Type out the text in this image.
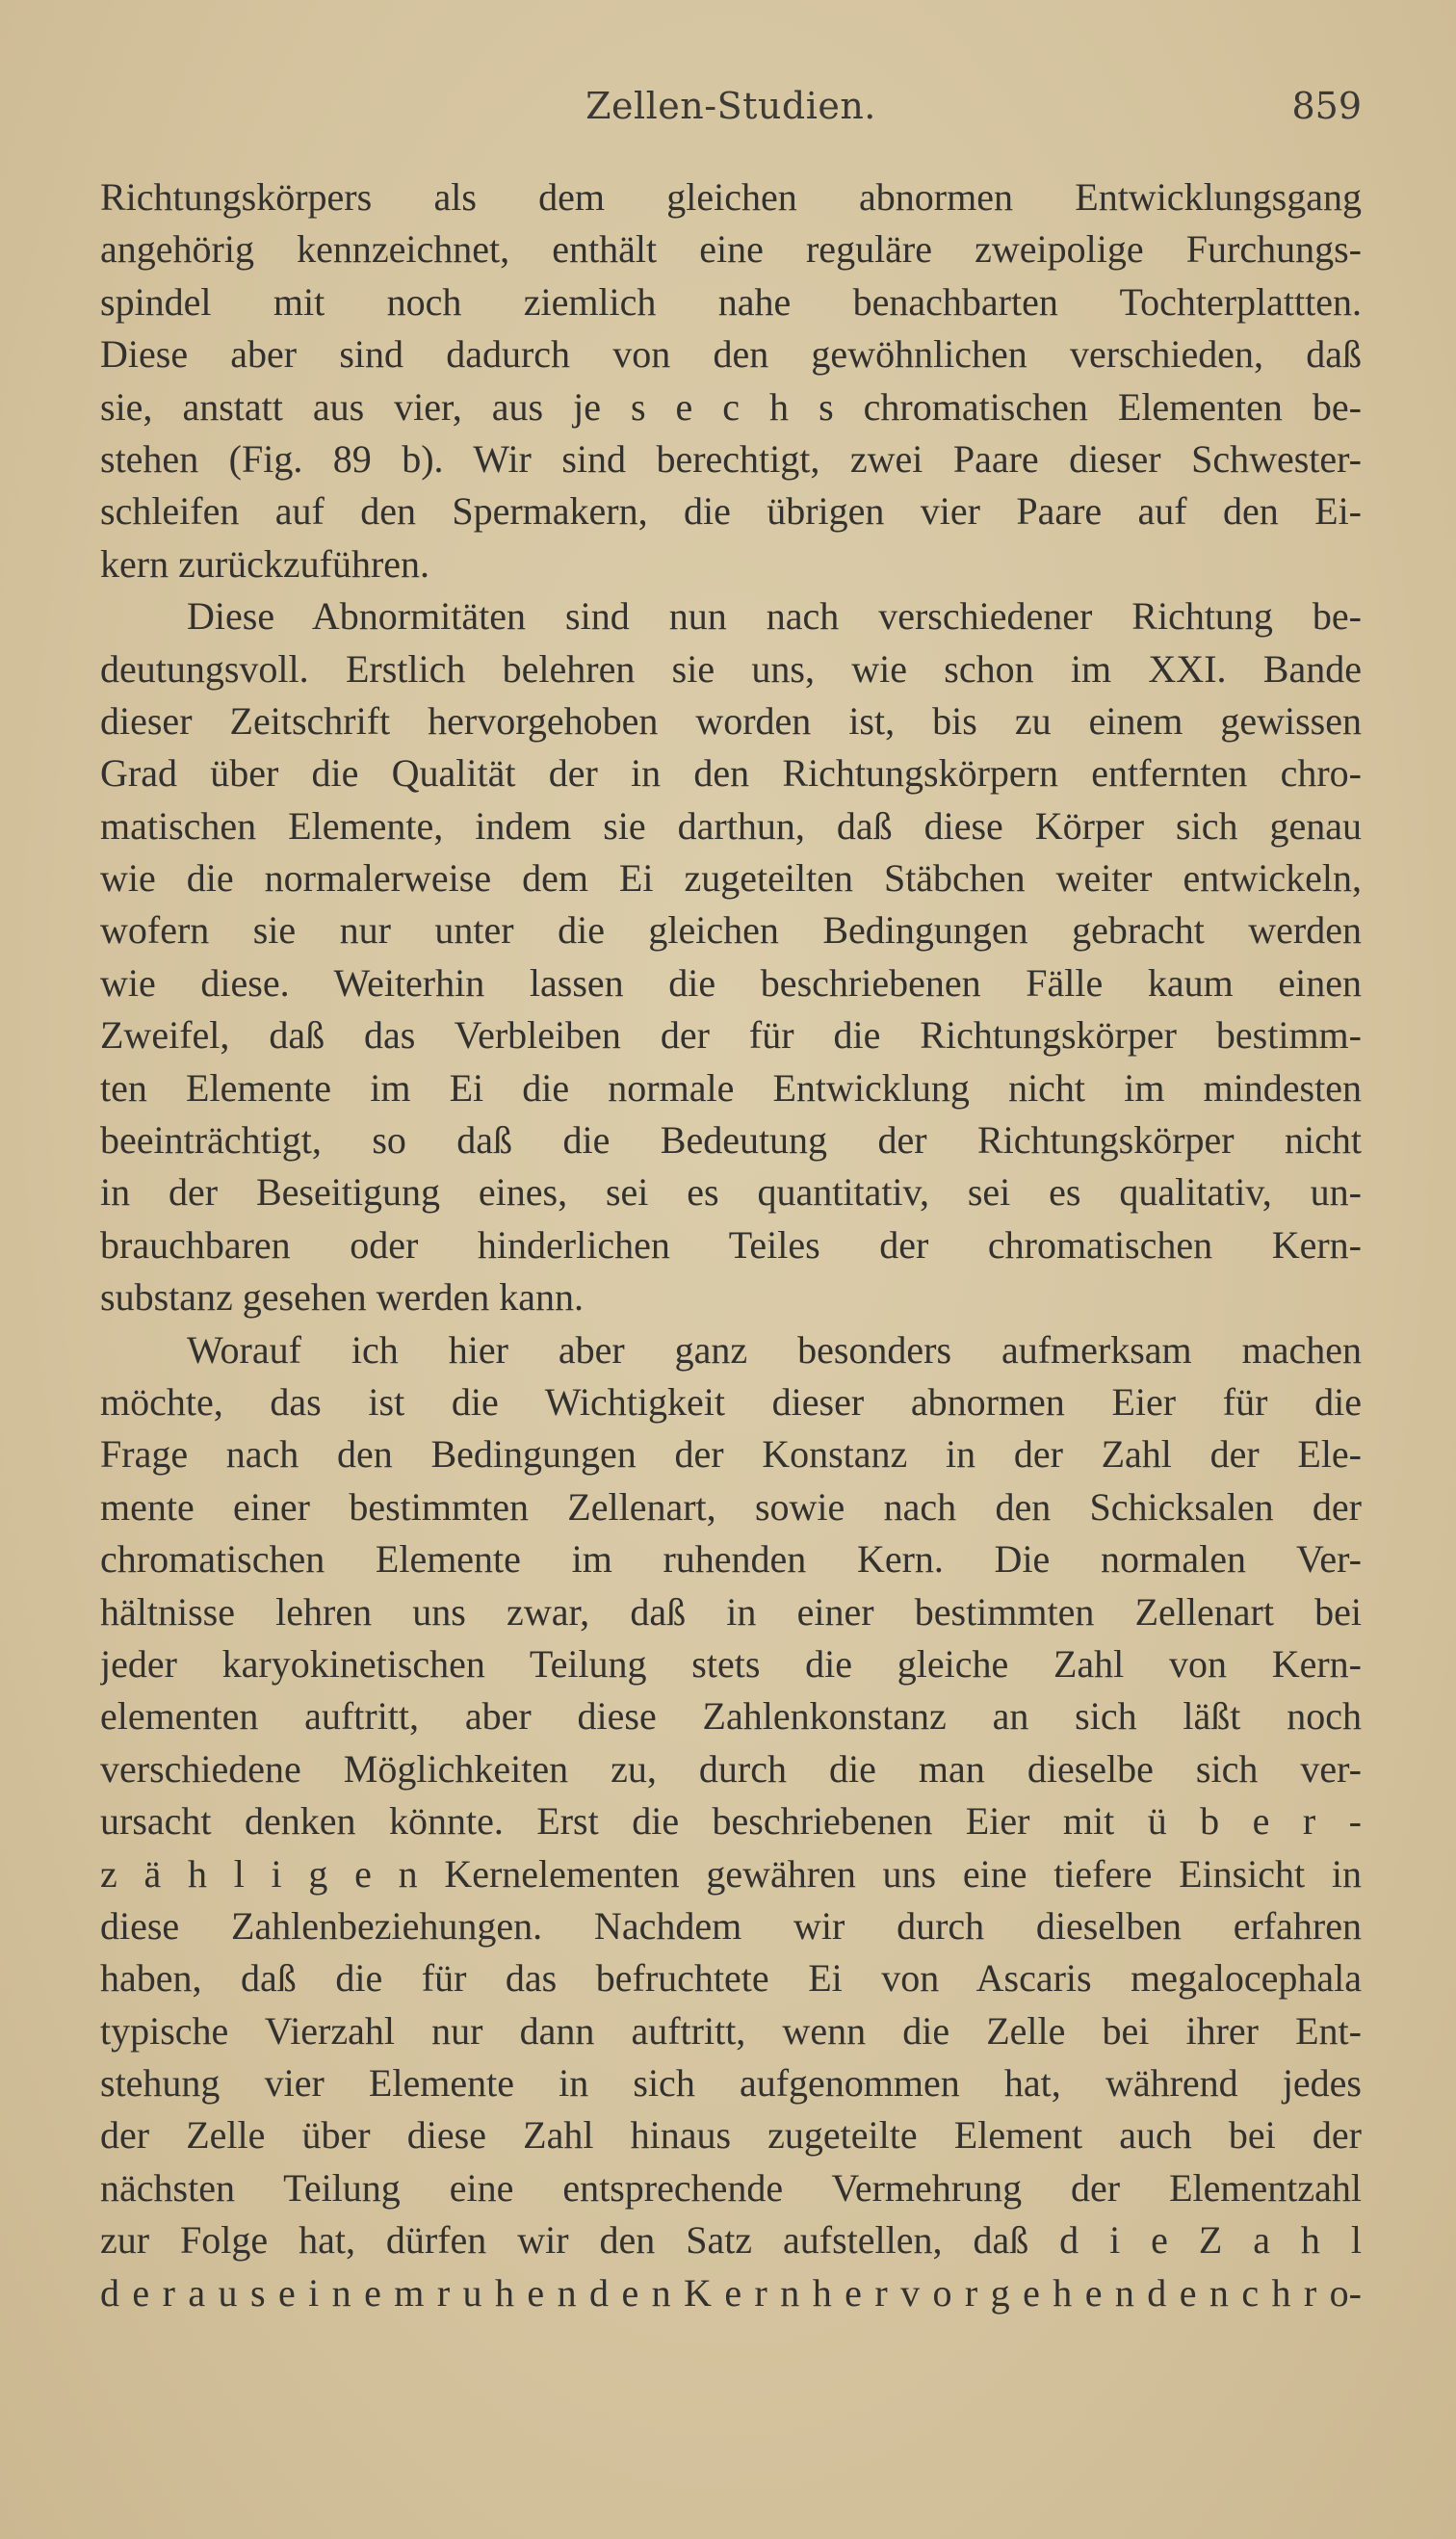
Zellen-Studien.	859
Richtungskörpers als dem gleichen abnormen Entwicklungsgang
angehörig kennzeichnet, enthält eine reguläre zweipolige Furchungs-
spindel mit noch ziemlich nahe benachbarten Tochterplattten.
Diese aber sind dadurch von den gewöhnlichen verschieden, daß
sie, anstatt aus vier, aus je s e c h s chromatischen Elementen be-
stehen (Fig. 89 b). Wir sind berechtigt, zwei Paare dieser Schwester-
schleifen auf den Spermakern, die übrigen vier Paare auf den Ei-
kern zurückzuführen.
Diese Abnormitäten sind nun nach verschiedener Richtung be-
deutungsvoll. Erstlich belehren sie uns, wie schon im XXI. Bande
dieser Zeitschrift hervorgehoben worden ist, bis zu einem gewissen
Grad über die Qualität der in den Richtungskörpern entfernten chro-
matischen Elemente, indem sie darthun, daß diese Körper sich genau
wie die normalerweise dem Ei zugeteilten Stäbchen weiter entwickeln,
wofern sie nur unter die gleichen Bedingungen gebracht werden
wie diese. Weiterhin lassen die beschriebenen Fälle kaum einen
Zweifel, daß das Verbleiben der für die Richtungskörper bestimm-
ten Elemente im Ei die normale Entwicklung nicht im mindesten
beeinträchtigt, so daß die Bedeutung der Richtungskörper nicht
in der Beseitigung eines, sei es quantitativ, sei es qualitativ, un-
brauchbaren oder hinderlichen Teiles der chromatischen Kern-
substanz gesehen werden kann.
Worauf ich hier aber ganz besonders aufmerksam machen
möchte, das ist die Wichtigkeit dieser abnormen Eier für die
Frage nach den Bedingungen der Konstanz in der Zahl der Ele-
mente einer bestimmten Zellenart, sowie nach den Schicksalen der
chromatischen Elemente im ruhenden Kern. Die normalen Ver-
hältnisse lehren uns zwar, daß in einer bestimmten Zellenart bei
jeder karyokinetischen Teilung stets die gleiche Zahl von Kern-
elementen auftritt, aber diese Zahlenkonstanz an sich läßt noch
verschiedene Möglichkeiten zu, durch die man dieselbe sich ver-
ursacht denken könnte. Erst die beschriebenen Eier mit ü b e r -
z ä h l i g e n Kernelementen gewähren uns eine tiefere Einsicht in
diese Zahlenbeziehungen. Nachdem wir durch dieselben erfahren
haben, daß die für das befruchtete Ei von Ascaris megalocephala
typische Vierzahl nur dann auftritt, wenn die Zelle bei ihrer Ent-
stehung vier Elemente in sich aufgenommen hat, während jedes
der Zelle über diese Zahl hinaus zugeteilte Element auch bei der
nächsten Teilung eine entsprechende Vermehrung der Elementzahl
zur Folge hat, dürfen wir den Satz aufstellen, daß d i e Z a h l
d e r a u s e i n e m r u h e n d e n K e r n h e r v o r g e h e n d e n c h r o-
